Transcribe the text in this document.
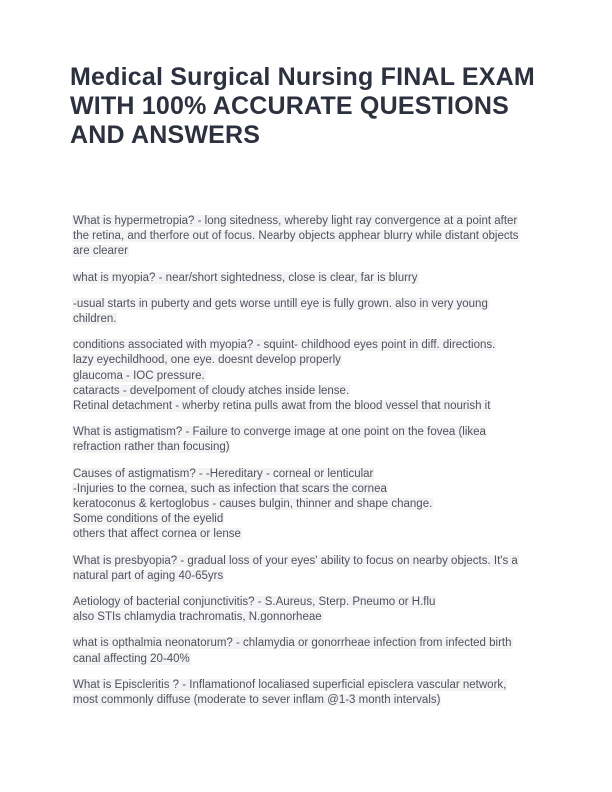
Medical Surgical Nursing FINAL EXAM
WITH 100% ACCURATE QUESTIONS
AND ANSWERS
What is hypermetropia? - long sitedness, whereby light ray convergence at a point after
the retina, and therfore out of focus. Nearby objects apphear blurry while distant objects
are clearer
what is myopia? - near/short sightedness, close is clear, far is blurry
-usual starts in puberty and gets worse untill eye is fully grown. also in very young
children.
conditions associated with myopia? - squint- childhood eyes point in diff. directions.
lazy eyechildhood, one eye. doesnt develop properly
glaucoma - IOC pressure.
cataracts - develpoment of cloudy atches inside lense.
Retinal detachment - wherby retina pulls awat from the blood vessel that nourish it
What is astigmatism? - Failure to converge image at one point on the fovea (likea
refraction rather than focusing)
Causes of astigmatism? - -Hereditary - corneal or lenticular
-Injuries to the cornea, such as infection that scars the cornea
keratoconus & kertoglobus - causes bulgin, thinner and shape change.
Some conditions of the eyelid
others that affect cornea or lense
What is presbyopia? - gradual loss of your eyes' ability to focus on nearby objects. It's a
natural part of aging 40-65yrs
Aetiology of bacterial conjunctivitis? - S.Aureus, Sterp. Pneumo or H.flu
also STIs chlamydia trachromatis, N.gonnorheae
what is opthalmia neonatorum? - chlamydia or gonorrheae infection from infected birth
canal affecting 20-40%
What is Episcleritis ? - Inflamationof localiased superficial episclera vascular network,
most commonly diffuse (moderate to sever inflam @1-3 month intervals)
